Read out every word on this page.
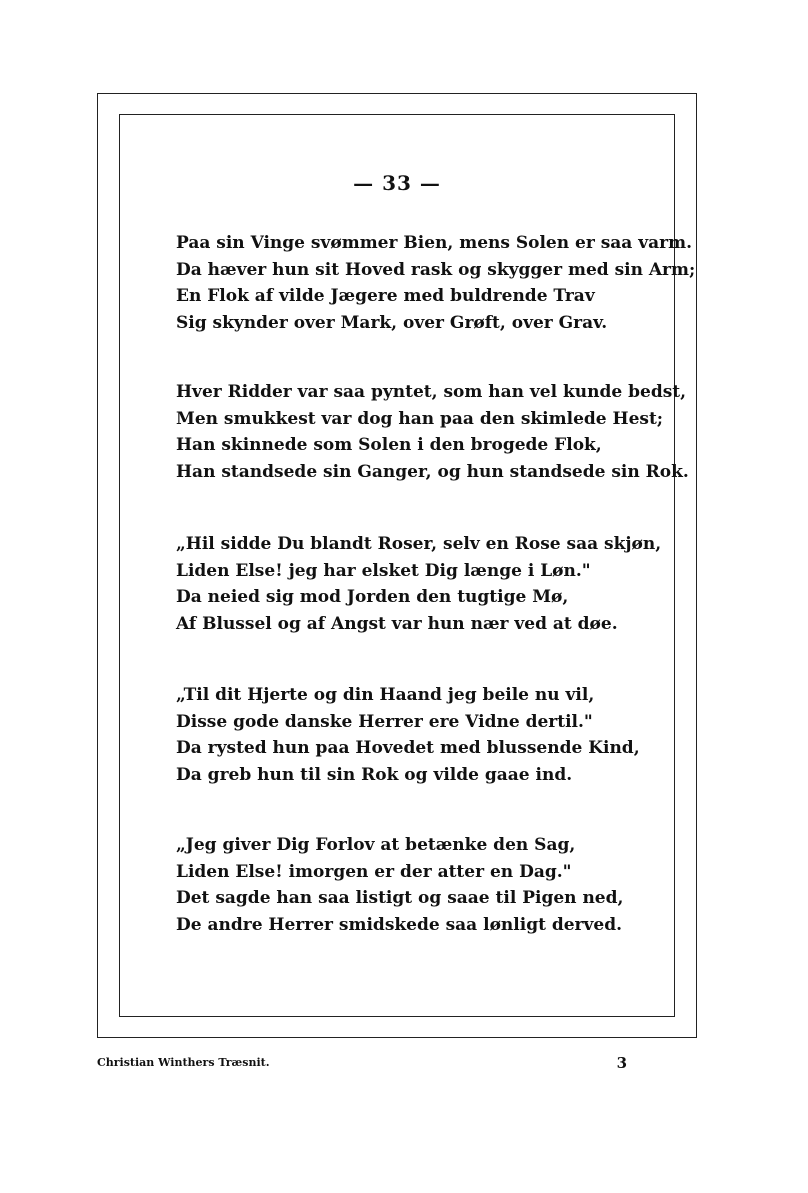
— 33 —
Paa sin Vinge svømmer Bien, mens Solen er saa varm.
Da hæver hun sit Hoved rask og skygger med sin Arm;
En Flok af vilde Jægere med buldrende Trav
Sig skynder over Mark, over Grøft, over Grav.
Hver Ridder var saa pyntet, som han vel kunde bedst,
Men smukkest var dog han paa den skimlede Hest;
Han skinnede som Solen i den brogede Flok,
Han standsede sin Ganger, og hun standsede sin Rok.
„Hil sidde Du blandt Roser, selv en Rose saa skjøn,
Liden Else! jeg har elsket Dig længe i Løn."
Da neied sig mod Jorden den tugtige Mø,
Af Blussel og af Angst var hun nær ved at døe.
„Til dit Hjerte og din Haand jeg beile nu vil,
Disse gode danske Herrer ere Vidne dertil."
Da rysted hun paa Hovedet med blussende Kind,
Da greb hun til sin Rok og vilde gaae ind.
„Jeg giver Dig Forlov at betænke den Sag,
Liden Else! imorgen er der atter en Dag."
Det sagde han saa listigt og saae til Pigen ned,
De andre Herrer smidskede saa lønligt derved.
Christian Winthers Træsnit.	3
